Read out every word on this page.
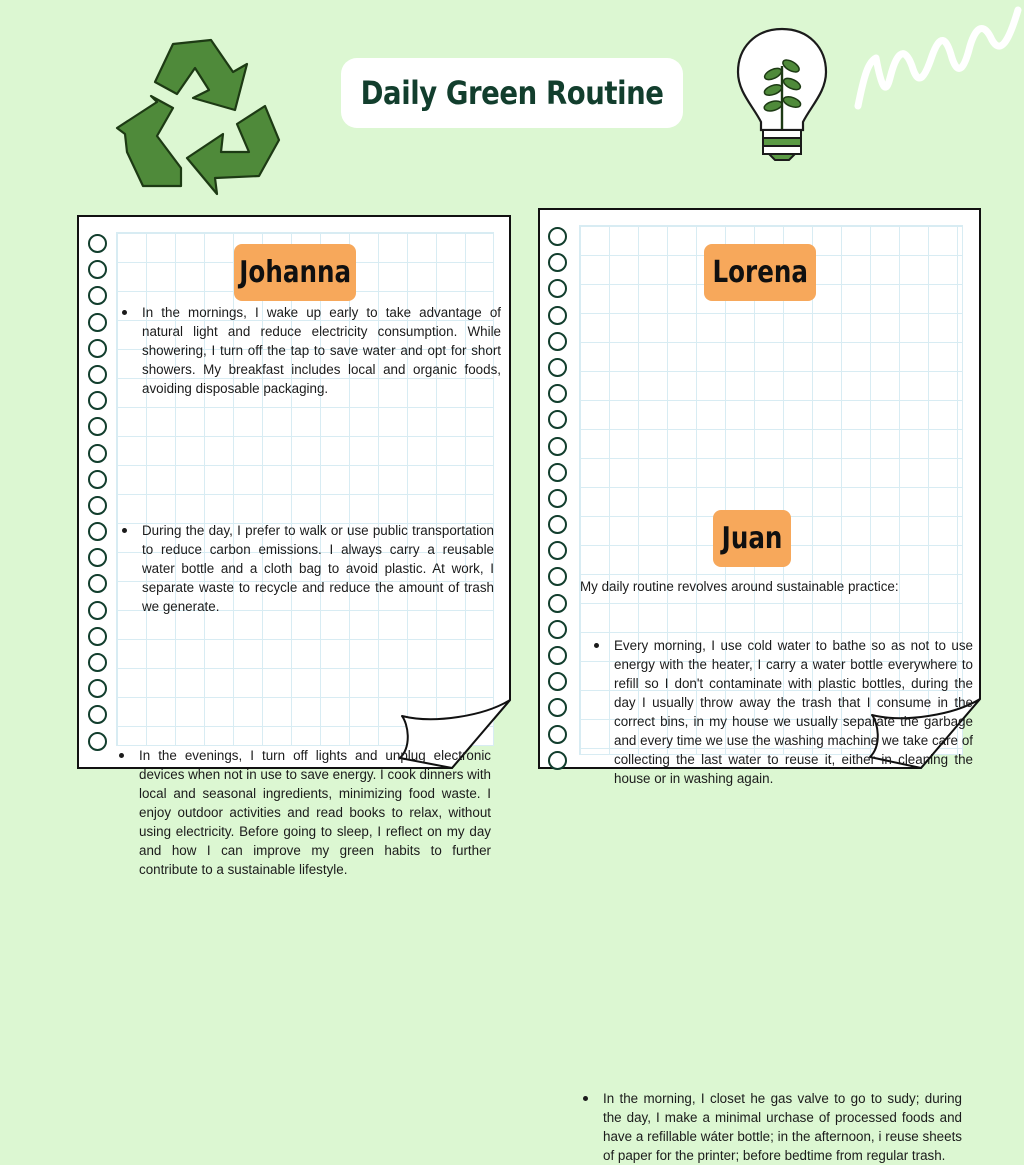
Daily Green Routine
Johanna
In the mornings, I wake up early to take advantage of natural light and reduce electricity consumption. While showering, I turn off the tap to save water and opt for short showers. My breakfast includes local and organic foods, avoiding disposable packaging.
During the day, I prefer to walk or use public transportation to reduce carbon emissions. I always carry a reusable water bottle and a cloth bag to avoid plastic. At work, I separate waste to recycle and reduce the amount of trash we generate.
In the evenings, I turn off lights and unplug electronic devices when not in use to save energy. I cook dinners with local and seasonal ingredients, minimizing food waste. I enjoy outdoor activities and read books to relax, without using electricity. Before going to sleep, I reflect on my day and how I can improve my green habits to further contribute to a sustainable lifestyle.
Lorena
Every morning, I use cold water to bathe so as not to use energy with the heater, I carry a water bottle everywhere to refill so I don't contaminate with plastic bottles, during the day I usually throw away the trash that I consume in the correct bins, in my house we usually separate the garbage and every time we use the washing machine we take care of collecting the last water to reuse it, either in cleaning the house or in washing again.
Juan
My daily routine revolves around sustainable practice:
In the morning, I closet he gas valve to go to sudy; during the day, I make a minimal urchase of processed foods and have a refillable wáter bottle; in the afternoon, i reuse sheets of paper for the printer; before bedtime from regular trash.
